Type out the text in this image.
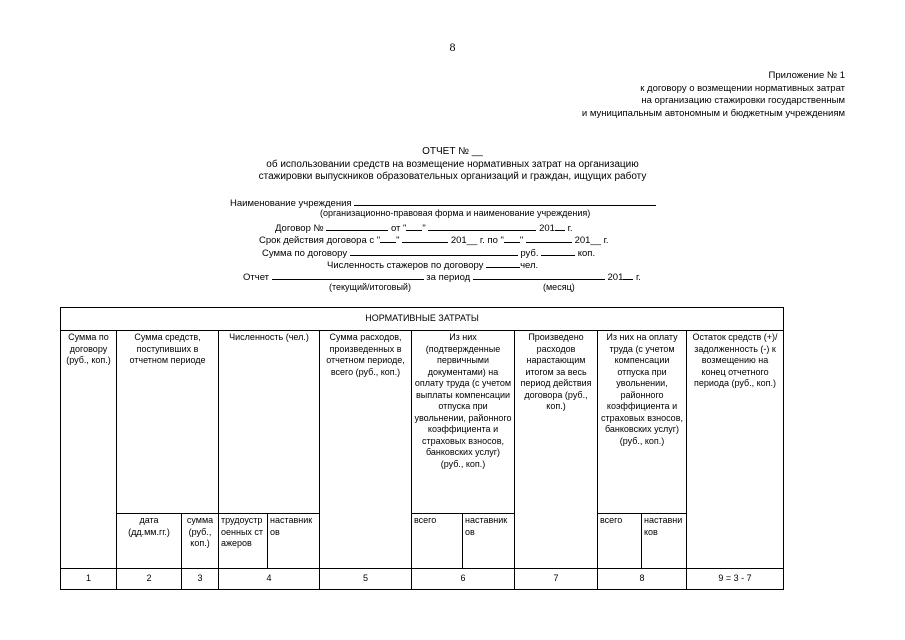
8
Приложение № 1
к договору о возмещении нормативных затрат
на организацию стажировки государственным
и муниципальным автономным и бюджетным учреждениям
ОТЧЕТ № __
об использовании средств на возмещение нормативных затрат на организацию
стажировки выпускников образовательных организаций и граждан, ищущих работу
Наименование учреждения
(организационно-правовая форма и наименование учреждения)
Договор №	от " "	201 г.
Срок действия договора с " "	201__ г. по " "	201__ г.
Сумма по договору	руб.	коп.
Численность стажеров по договору	чел.
Отчет	за период	201 г.
(текущий/итоговый)	(месяц)
НОРМАТИВНЫЕ ЗАТРАТЫ											
Сумма по договору (руб., коп.)	Сумма средств, поступивших в отчетном периоде		Численность (чел.)		Сумма расходов, произведенных в отчетном периоде, всего (руб., коп.)	Из них (подтвержденные первичными документами) на оплату труда (с учетом выплаты компенсации отпуска при увольнении, районного коэффициента и страховых взносов, банковских услуг) (руб., коп.)		Произведено расходов нарастающим итогом за весь период действия договора (руб., коп.)	Из них на оплату труда (с учетом компенсации отпуска при увольнении, районного коэффициента и страховых взносов, банковских услуг) (руб., коп.)		Остаток средств (+)/задолженность (-) к возмещению на конец отчетного периода (руб., коп.)
	дата (дд.мм.гг.)	сумма (руб., коп.)	трудоустроенных стажеров	наставников		всего	наставников		всего	наставников	
1	2	3	4		5	6		7	8		9 = 3 - 7
